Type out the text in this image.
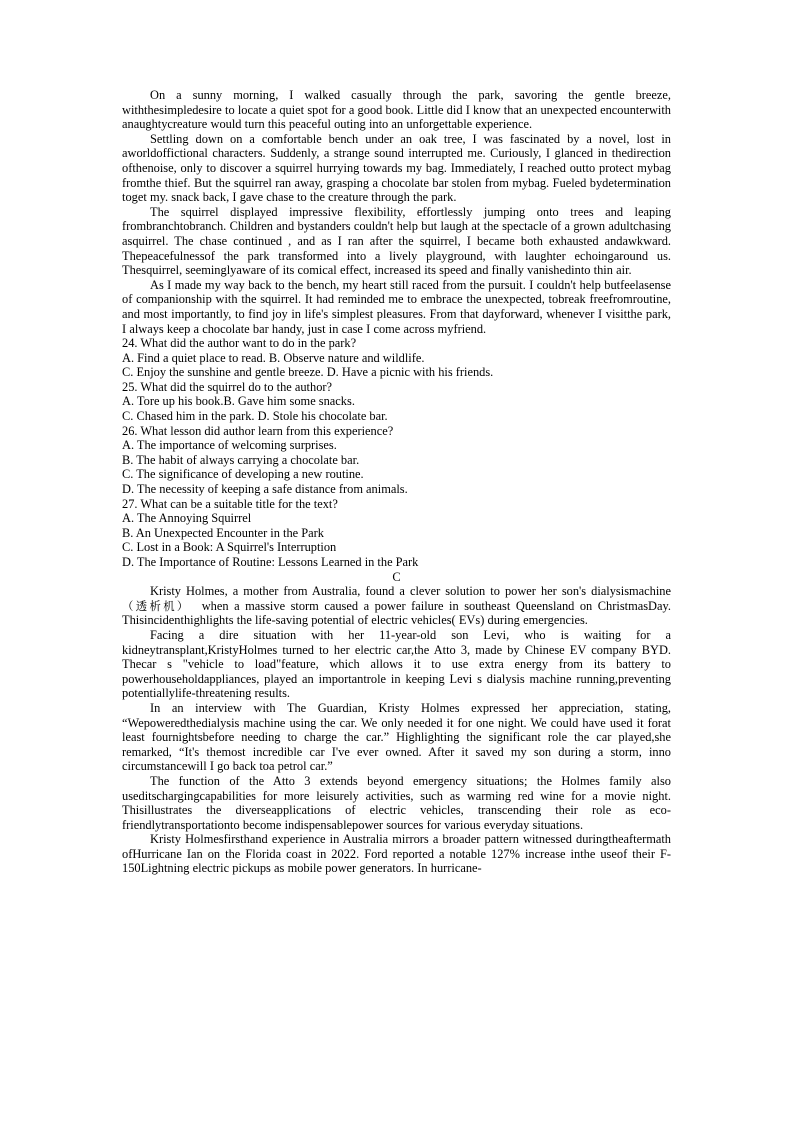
On a sunny morning, I walked casually through the park, savoring the gentle breeze, withthesimpledesire to locate a quiet spot for a good book. Little did I know that an unexpected encounterwith anaughtycreature would turn this peaceful outing into an unforgettable experience.

Settling down on a comfortable bench under an oak tree, I was fascinated by a novel, lost in aworldoffictional characters. Suddenly, a strange sound interrupted me. Curiously, I glanced in thedirection ofthenoise, only to discover a squirrel hurrying towards my bag. Immediately, I reached outto protect mybag fromthe thief. But the squirrel ran away, grasping a chocolate bar stolen from mybag. Fueled bydetermination toget my. snack back, I gave chase to the creature through the park.

The squirrel displayed impressive flexibility, effortlessly jumping onto trees and leaping frombranchtobranch. Children and bystanders couldn't help but laugh at the spectacle of a grown adultchasing asquirrel. The chase continued , and as I ran after the squirrel, I became both exhausted andawkward. Thepeacefulnessof the park transformed into a lively playground, with laughter echoingaround us. Thesquirrel, seeminglyaware of its comical effect, increased its speed and finally vanishedinto thin air.

As I made my way back to the bench, my heart still raced from the pursuit. I couldn't help butfeelasense of companionship with the squirrel. It had reminded me to embrace the unexpected, tobreak freefromroutine, and most importantly, to find joy in life's simplest pleasures. From that dayforward, whenever I visitthe park, I always keep a chocolate bar handy, just in case I come across myfriend.

24. What did the author want to do in the park?

A. Find a quiet place to read. B. Observe nature and wildlife.

C. Enjoy the sunshine and gentle breeze. D. Have a picnic with his friends.

25. What did the squirrel do to the author?

A. Tore up his book.B. Gave him some snacks.

C. Chased him in the park. D. Stole his chocolate bar.

26. What lesson did author learn from this experience?

A. The importance of welcoming surprises.

B. The habit of always carrying a chocolate bar.

C. The significance of developing a new routine.

D. The necessity of keeping a safe distance from animals.

27. What can be a suitable title for the text?

A. The Annoying Squirrel

B. An Unexpected Encounter in the Park

C. Lost in a Book: A Squirrel's Interruption

D. The Importance of Routine: Lessons Learned in the Park

C

Kristy Holmes, a mother from Australia, found a clever solution to power her son's dialysismachine （透析机） when a massive storm caused a power failure in southeast Queensland on ChristmasDay. Thisincidenthighlights the life-saving potential of electric vehicles( EVs) during emergencies.

Facing a dire situation with her 11-year-old son Levi, who is waiting for a kidneytransplant,KristyHolmes turned to her electric car,the Atto 3, made by Chinese EV company BYD. Thecar s "vehicle to load"feature, which allows it to use extra energy from its battery to powerhouseholdappliances, played an importantrole in keeping Levi s dialysis machine running,preventing potentiallylife-threatening results.

In an interview with The Guardian, Kristy Holmes expressed her appreciation, stating, “Wepoweredthedialysis machine using the car. We only needed it for one night. We could have used it forat least fournightsbefore needing to charge the car.” Highlighting the significant role the car played,she remarked, “It's themost incredible car I've ever owned. After it saved my son during a storm, inno circumstancewill I go back toa petrol car.”

The function of the Atto 3 extends beyond emergency situations; the Holmes family also useditschargingcapabilities for more leisurely activities, such as warming red wine for a movie night. Thisillustrates the diverseapplications of electric vehicles, transcending their role as eco-friendlytransportationto become indispensablepower sources for various everyday situations.

Kristy Holmesfirsthand experience in Australia mirrors a broader pattern witnessed duringtheaftermath ofHurricane Ian on the Florida coast in 2022. Ford reported a notable 127% increase inthe useof their F-150Lightning electric pickups as mobile power generators. In hurricane-
